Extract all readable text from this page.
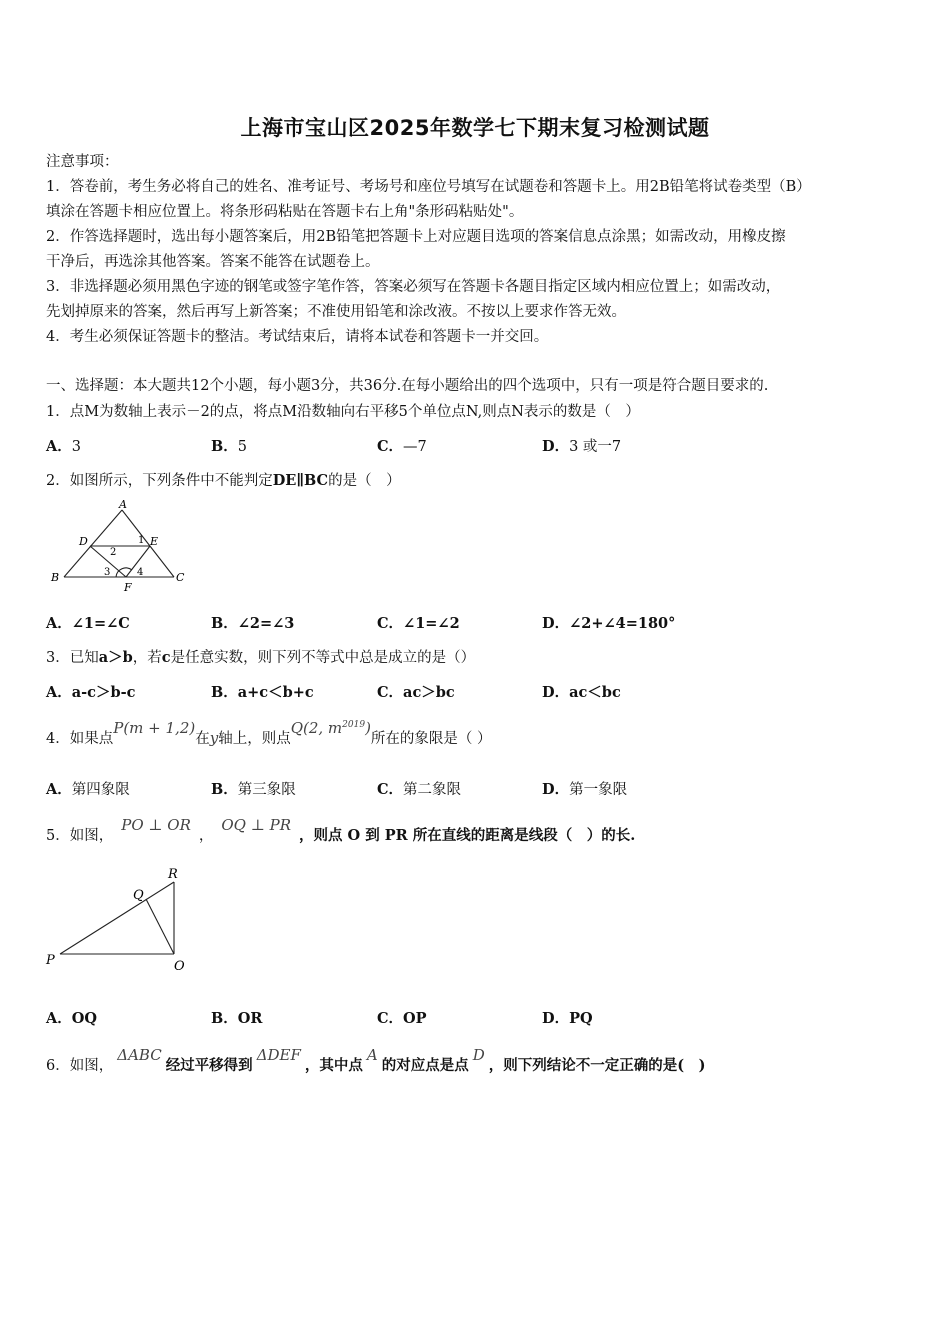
上海市宝山区2025年数学七下期末复习检测试题

注意事项：

1．答卷前，考生务必将自己的姓名、准考证号、考场号和座位号填写在试题卷和答题卡上。用2B铅笔将试卷类型（B）

填涂在答题卡相应位置上。将条形码粘贴在答题卡右上角"条形码粘贴处"。

2．作答选择题时，选出每小题答案后，用2B铅笔把答题卡上对应题目选项的答案信息点涂黑；如需改动，用橡皮擦

干净后，再选涂其他答案。答案不能答在试题卷上。

3．非选择题必须用黑色字迹的钢笔或签字笔作答，答案必须写在答题卡各题目指定区域内相应位置上；如需改动，

先划掉原来的答案，然后再写上新答案；不准使用铅笔和涂改液。不按以上要求作答无效。

4．考生必须保证答题卡的整洁。考试结束后，请将本试卷和答题卡一并交回。

一、选择题：本大题共12个小题，每小题3分，共36分.在每小题给出的四个选项中，只有一项是符合题目要求的.
1．点M为数轴上表示－2的点，将点M沿数轴向右平移5个单位点N,则点N表示的数是（　）
A．3	B．5	C．—7	D．3 或一7
2．如图所示，下列条件中不能判定DE∥BC的是（　）
A
B	C
D	E
F
1
2
3	4
A．∠1=∠C	B．∠2=∠3	C．∠1=∠2	D．∠2+∠4=180°
3．已知a＞b，若c是任意实数，则下列不等式中总是成立的是（）
A．a-c＞b-c	B．a+c＜b+c	C．ac＞bc	D．ac＜bc
4．如果点P(m + 1,2)在y轴上，则点Q(2, $m^{2019}$)所在的象限是（ ）
A．第四象限	B．第三象限	C．第二象限	D．第一象限
5．如图，PO ⊥ OR，OQ ⊥ PR，则点 O 到 PR 所在直线的距离是线段（　）的长.
P
Q
R
O
A．OQ	B．OR	C．OP	D．PQ
6．如图，ΔABC经过平移得到ΔDEF，其中点A的对应点是点D，则下列结论不一定正确的是(　)
